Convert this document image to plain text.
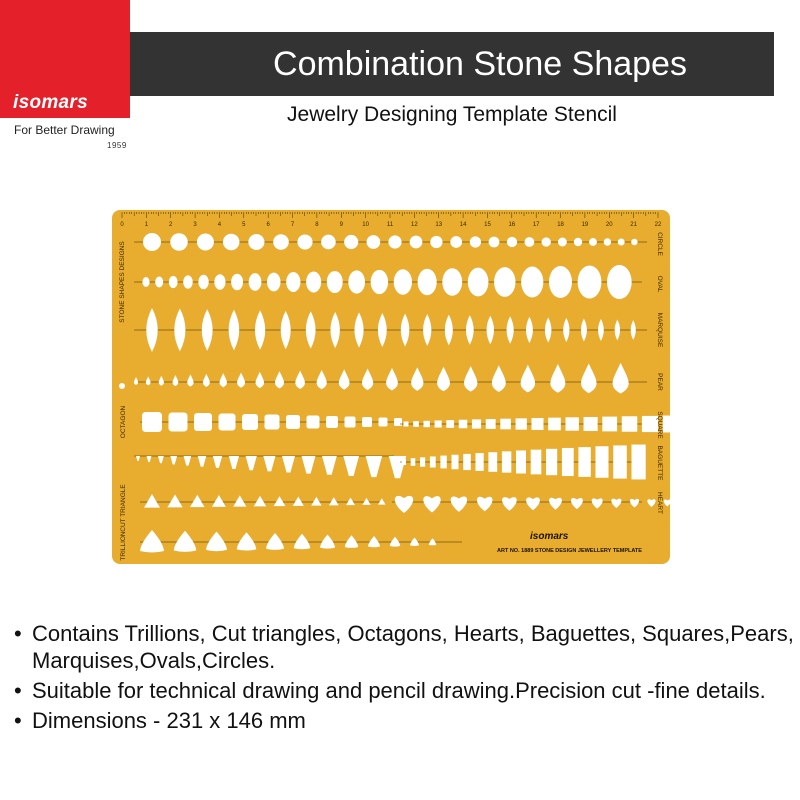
isomars
For Better Drawing
1959
Combination Stone Shapes
Jewelry Designing Template Stencil
0	1	2	3	4	5	6	7	8	9	10	11	12	13	14	15	16	17	18	19	20	21	22
STONE SHAPES DESIGNS
OCTAGON
CUT TRIANGLE
TRILLION
CIRCLE
OVAL
MARQUISE
PEAR
SQUARE
BAGUETTE
HEART
isomars
ART NO. 1889 STONE DESIGN JEWELLERY TEMPLATE
• Contains Trillions, Cut triangles, Octagons, Hearts, Baguettes, Squares,Pears, Marquises,Ovals,Circles.
• Suitable for technical drawing and pencil drawing.Precision cut -fine details.
• Dimensions - 231 x 146 mm
